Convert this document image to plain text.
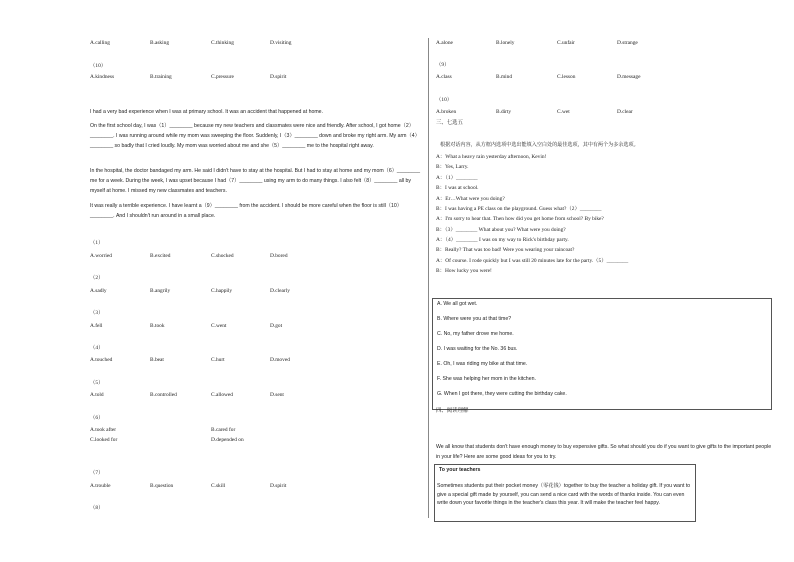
A.calling	B.asking	C.thinking	D.visiting
（10）
A.kindness	B.training	C.pressure	D.spirit
I had a very bad experience when I was at primary school. It was an accident that happened at home.
On the first school day, I was（1）________ because my new teachers and classmates were nice and friendly. After school, I got home（2）________. I was running around while my mom was sweeping the floor. Suddenly, I（3）________ down and broke my right arm. My arm（4）________ so badly that I cried loudly. My mom was worried about me and she（5）________ me to the hospital right away.
In the hospital, the doctor bandaged my arm. He said I didn't have to stay at the hospital. But I had to stay at home and my mom（6）________ me for a week. During the week, I was upset because I had（7）________ using my arm to do many things. I also felt（8）________ all by myself at home. I missed my new classmates and teachers.
It was really a terrible experience. I have learnt a（9）________ from the accident. I should be more careful when the floor is still（10）________. And I shouldn't run around in a small place.
（1）
A.worried	B.excited	C.shocked	D.bored
（2）
A.sadly	B.angrily	C.happily	D.clearly
（3）
A.fell	B.took	C.went	D.got
（4）
A.touched	B.beat	C.hurt	D.moved
（5）
A.told	B.controlled	C.allowed	D.sent
（6）
A.took after	B.cared for
C.looked for	D.depended on
（7）
A.trouble	B.question	C.skill	D.spirit
（8）
A.alone	B.lonely	C.unfair	D.strange
（9）
A.class	B.mind	C.lesson	D.message
（10）
A.broken	B.dirty	C.wet	D.clear
三、七选五
根据对话内容，从方框内选项中选出能填入空白处的最佳选项，其中有两个为多余选项。
A：What a heavy rain yesterday afternoon, Kevin!
B：Yes, Larry.
A：（1）________
B：I was at school.
A：Er…What were you doing?
B：I was having a PE class on the playground. Guess what?（2）________
A：I'm sorry to hear that. Then how did you get home from school? By bike?
B：（3）________ What about you? What were you doing?
A：（4）________ I was on my way to Rick's birthday party.
B：Really? That was too bad! Were you wearing your raincoat?
A：Of course. I rode quickly but I was still 20 minutes late for the party.（5）________
B：How lucky you were!
A. We all got wet.
B. Where were you at that time?
C. No, my father drove me home.
D. I was waiting for the No. 36 bus.
E. Oh, I was riding my bike at that time.
F. She was helping her mom in the kitchen.
G. When I got there, they were cutting the birthday cake.
四、阅读理解
We all know that students don't have enough money to buy expensive gifts. So what should you do if you want to give gifts to the important people in your life? Here are some good ideas for you to try.
To your teachers
Sometimes students put their pocket money（零花钱）together to buy the teacher a holiday gift. If you want to give a special gift made by yourself, you can send a nice card with the words of thanks inside. You can even write down your favorite things in the teacher's class this year. It will make the teacher feel happy.
